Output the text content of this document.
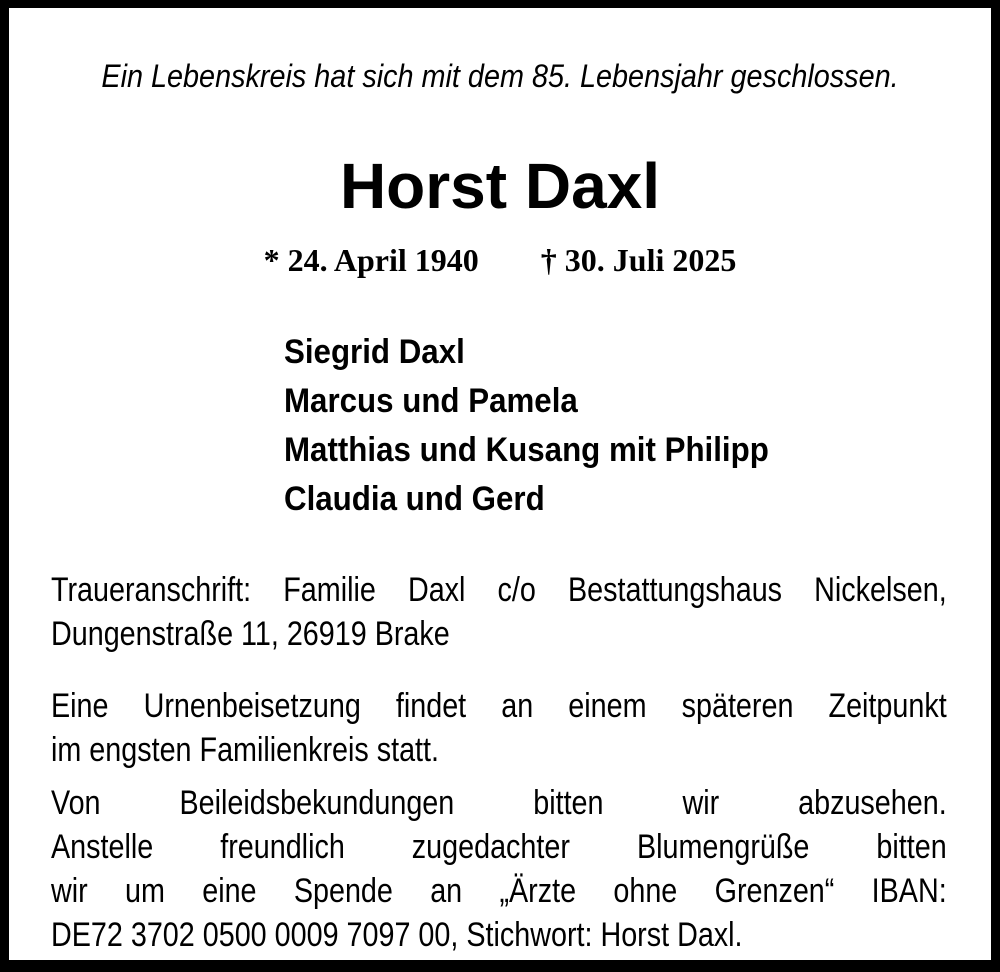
Ein Lebenskreis hat sich mit dem 85. Lebensjahr geschlossen.
Horst Daxl
* 24. April 1940 † 30. Juli 2025
Siegrid Daxl
Marcus und Pamela
Matthias und Kusang mit Philipp
Claudia und Gerd
Traueranschrift: Familie Daxl c/o Bestattungshaus Nickelsen,
Dungenstraße 11, 26919 Brake
Eine Urnenbeisetzung findet an einem späteren Zeitpunkt
im engsten Familienkreis statt.
Von Beileidsbekundungen bitten wir abzusehen.
Anstelle freundlich zugedachter Blumengrüße bitten
wir um eine Spende an „Ärzte ohne Grenzen“ IBAN:
DE72 3702 0500 0009 7097 00, Stichwort: Horst Daxl.
